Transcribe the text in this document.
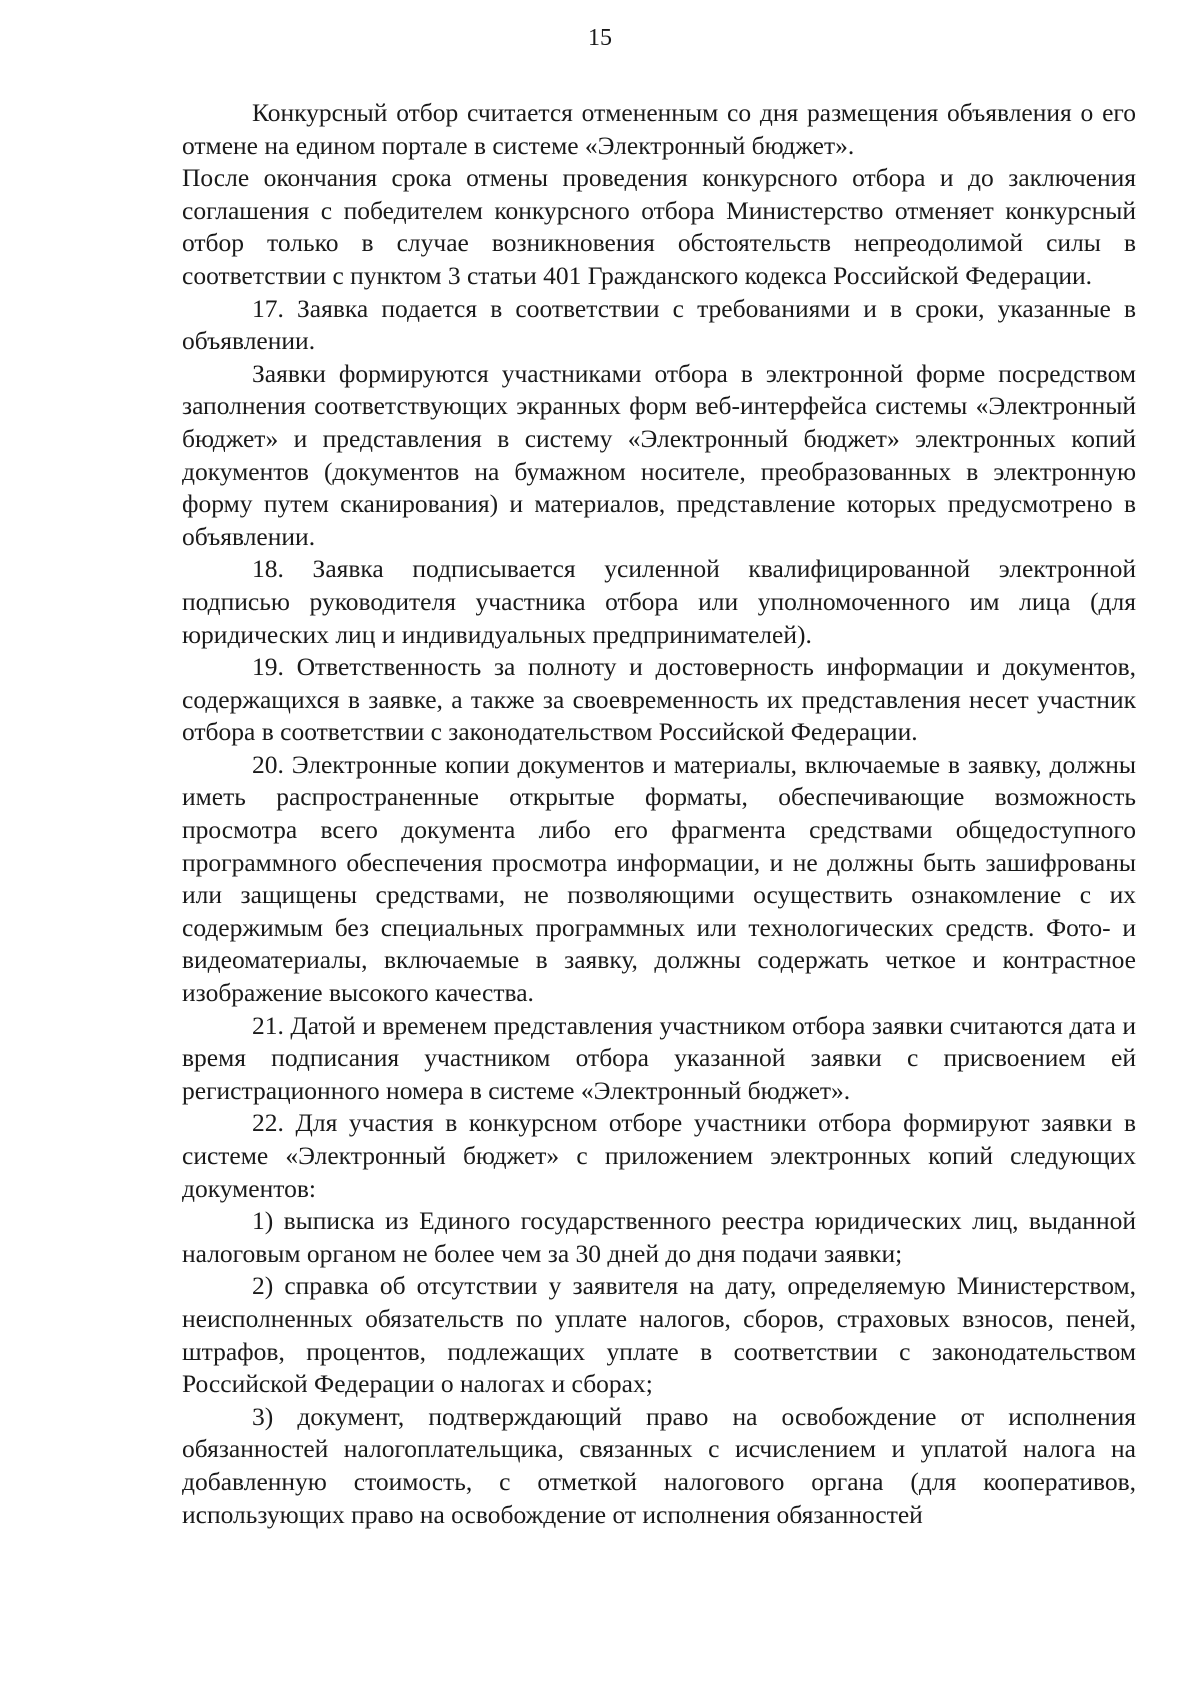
15

Конкурсный отбор считается отмененным со дня размещения объявления о его отмене на едином портале в системе «Электронный бюджет».

После окончания срока отмены проведения конкурсного отбора и до заключения соглашения с победителем конкурсного отбора Министерство отменяет конкурсный отбор только в случае возникновения обстоятельств непреодолимой силы в соответствии с пунктом 3 статьи 401 Гражданского кодекса Российской Федерации.

17. Заявка подается в соответствии с требованиями и в сроки, указанные в объявлении.

Заявки формируются участниками отбора в электронной форме посредством заполнения соответствующих экранных форм веб-интерфейса системы «Электронный бюджет» и представления в систему «Электронный бюджет» электронных копий документов (документов на бумажном носителе, преобразованных в электронную форму путем сканирования) и материалов, представление которых предусмотрено в объявлении.

18. Заявка подписывается усиленной квалифицированной электронной подписью руководителя участника отбора или уполномоченного им лица (для юридических лиц и индивидуальных предпринимателей).

19. Ответственность за полноту и достоверность информации и документов, содержащихся в заявке, а также за своевременность их представления несет участник отбора в соответствии с законодательством Российской Федерации.

20. Электронные копии документов и материалы, включаемые в заявку, должны иметь распространенные открытые форматы, обеспечивающие возможность просмотра всего документа либо его фрагмента средствами общедоступного программного обеспечения просмотра информации, и не должны быть зашифрованы или защищены средствами, не позволяющими осуществить ознакомление с их содержимым без специальных программных или технологических средств. Фото- и видеоматериалы, включаемые в заявку, должны содержать четкое и контрастное изображение высокого качества.

21. Датой и временем представления участником отбора заявки считаются дата и время подписания участником отбора указанной заявки с присвоением ей регистрационного номера в системе «Электронный бюджет».

22. Для участия в конкурсном отборе участники отбора формируют заявки в системе «Электронный бюджет» с приложением электронных копий следующих документов:

1) выписка из Единого государственного реестра юридических лиц, выданной налоговым органом не более чем за 30 дней до дня подачи заявки;

2) справка об отсутствии у заявителя на дату, определяемую Министерством, неисполненных обязательств по уплате налогов, сборов, страховых взносов, пеней, штрафов, процентов, подлежащих уплате в соответствии с законодательством Российской Федерации о налогах и сборах;

3) документ, подтверждающий право на освобождение от исполнения обязанностей налогоплательщика, связанных с исчислением и уплатой налога на добавленную стоимость, с отметкой налогового органа (для кооперативов, использующих право на освобождение от исполнения обязанностей
